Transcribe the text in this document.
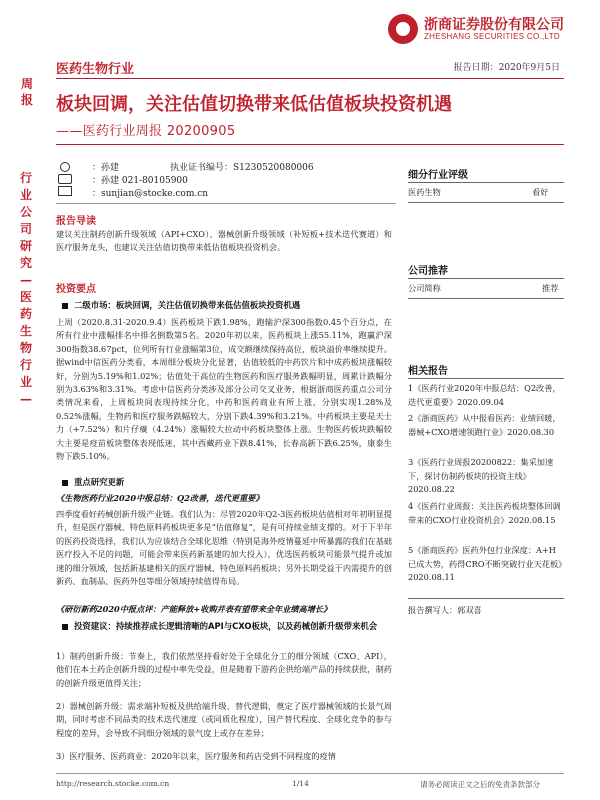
浙商证券股份有限公司
ZHESHANG SECURITIES CO.,LTD
医药生物行业	报告日期：2020年9月5日
周报 板块回调，关注估值切换带来低估值板块投资机遇
——医药行业周报 20200905
行业公司研究—医药生物行业—
：孙建	执业证书编号：S1230520080006
：孙建 021-80105900
：sunjian@stocke.com.cn
报告导读
建议关注制药创新升级领域（API+CXO）、器械创新升级领域（补短板+技术迭代赛道）和医疗服务龙头，也建议关注估值切换带来低估值板块投资机会。
投资要点
二级市场：板块回调，关注估值切换带来低估值板块投资机遇
上周（2020.8.31-2020.9.4）医药板块下跌1.98%，跑输沪深300指数0.45个百分点，在所有行业中涨幅排名中排名倒数第5名。2020年初以来，医药板块上涨55.11%，跑赢沪深300指数38.67pct，位列所有行业涨幅第3位，成交额继续保持高位，板块溢价率继续提升。据wind中信医药分类看，本周细分板块分化显著，估值较低的中药饮片和中成药板块涨幅较好，分别为5.19%和1.02%；估值处于高位的生物医药和医疗服务跌幅明显，周累计跌幅分别为3.63%和3.31%。考虑中信医药分类涉及部分公司交叉业务，根据浙商医药重点公司分类情况来看，上周板块间表现持续分化，中药和医药商业有所上涨，分别实现1.28%及0.52%涨幅，生物药和医疗服务跌幅较大，分别下跌4.39%和3.21%。中药板块主要是天士力（+7.52%）和片仔癀（4.24%）涨幅较大拉动中药板块整体上涨。生物医药板块跌幅较大主要是疫苗板块整体表现低迷，其中西藏药业下跌8.41%，长春高新下跌6.25%，康泰生物下跌5.10%。
重点研究更新
《生物医药行业2020中报总结：Q2改善，迭代更重要》
四季度看好药械创新升级产业链。我们认为：尽管2020年Q2-3医药板块估值相对年初明显提升，但是医疗器械、特色原料药板块更多是“估值修复”，是有可持续业绩支撑的。对于下半年的医药投资选择，我们认为应该结合全球化思维（特别是海外疫情蔓延中所暴露的我们在基础医疗投入不足的问题，可能会带来医药新基建的加大投入），优选医药板块可能景气提升或加速的细分领域，包括新基建相关的医疗器械、特色原料药板块；另外长期受益于内需提升的创新药、血制品、医药外包等细分领域持续值得布局。
《研衍新药2020中报点评：产能释放+收购并表有望带来全年业绩高增长》
投资建议：持续推荐成长逻辑清晰的API与CXO板块，以及药械创新升级带来机会
1）制药创新升级：节奏上，我们依然坚持看好处于全球化分工的细分领域（CXO、API），他们在本土药企创新升级的过程中率先受益，但是随着下游药企供给端产品的持续获批，制药的创新升级更值得关注；
2）器械创新升级：需求端补短板及供给端升级、替代逻辑，奠定了医疗器械领域的长景气周期，同时考虑不同品类的技术迭代速度（或同质化程度），国产替代程度、全球化竞争的参与程度的差异，会导致不同细分领域的景气度上或存在差异；
3）医疗服务、医药商业：2020年以来，医疗服务和药店受到不同程度的疫情
细分行业评级
医药生物	看好
公司推荐
公司简称	推荐
相关报告
1《医药行业2020年中报总结：Q2改善，迭代更重要》2020.09.04
2《浙商医药》从中报看医药：业绩回暖，器械+CXO增速领跑行业》2020.08.30
3《医药行业周报20200822：集采加速下，探讨仿制药板块的投资主线》2020.08.22
4《医药行业周报：关注医药板块整体回调带来的CXO行业投资机会》2020.08.15
5《浙商医药》医药外包行业深度：A+H已成大势，药得CRO不断突破行业天花板》2020.08.11
报告撰写人：郭双喜
http://research.stocke.com.cn	1/14	请务必阅读正文之后的免责条款部分
